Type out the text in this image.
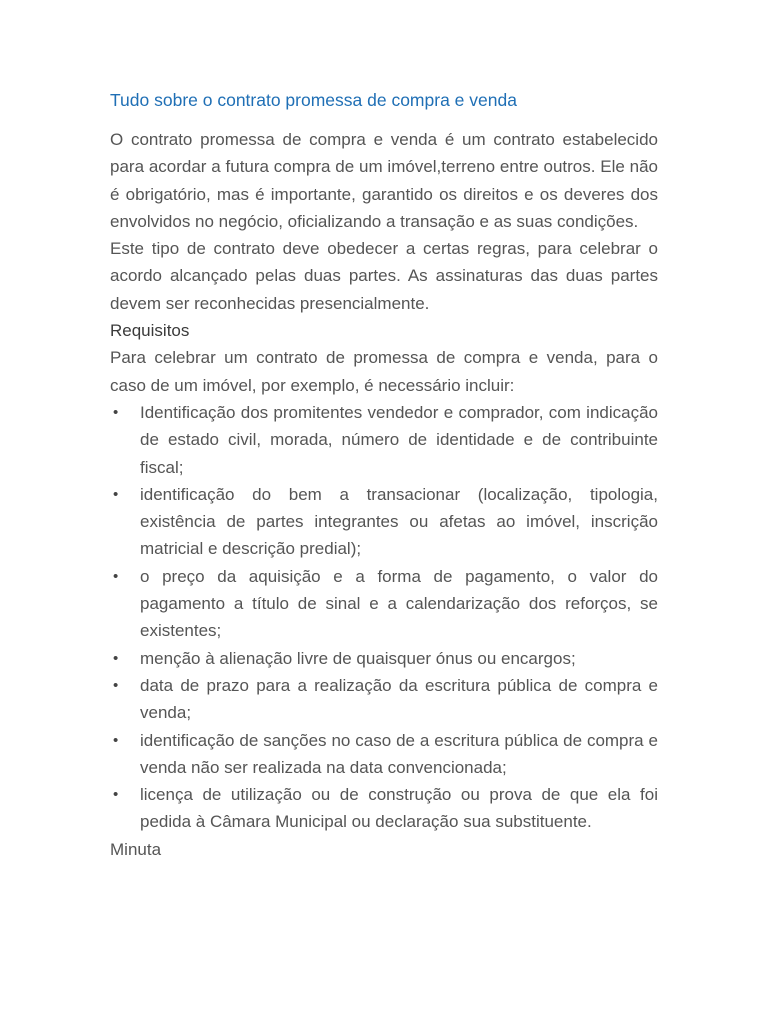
Tudo sobre o contrato promessa de compra e venda

O contrato promessa de compra e venda é um contrato estabelecido para acordar a futura compra de um imóvel,terreno entre outros. Ele não é obrigatório, mas é importante, garantido os direitos e os deveres dos envolvidos no negócio, oficializando a transação e as suas condições.

Este tipo de contrato deve obedecer a certas regras, para celebrar o acordo alcançado pelas duas partes. As assinaturas das duas partes devem ser reconhecidas presencialmente.

Requisitos

Para celebrar um contrato de promessa de compra e venda, para o caso de um imóvel, por exemplo, é necessário incluir:

•
Identificação dos promitentes vendedor e comprador, com indicação de estado civil, morada, número de identidade e de contribuinte fiscal;
•
identificação do bem a transacionar (localização, tipologia, existência de partes integrantes ou afetas ao imóvel, inscrição matricial e descrição predial);
•
o preço da aquisição e a forma de pagamento, o valor do pagamento a título de sinal e a calendarização dos reforços, se existentes;
•
menção à alienação livre de quaisquer ónus ou encargos;
•
data de prazo para a realização da escritura pública de compra e venda;
•
identificação de sanções no caso de a escritura pública de compra e venda não ser realizada na data convencionada;
•
licença de utilização ou de construção ou prova de que ela foi pedida à Câmara Municipal ou declaração sua substituente.

Minuta
